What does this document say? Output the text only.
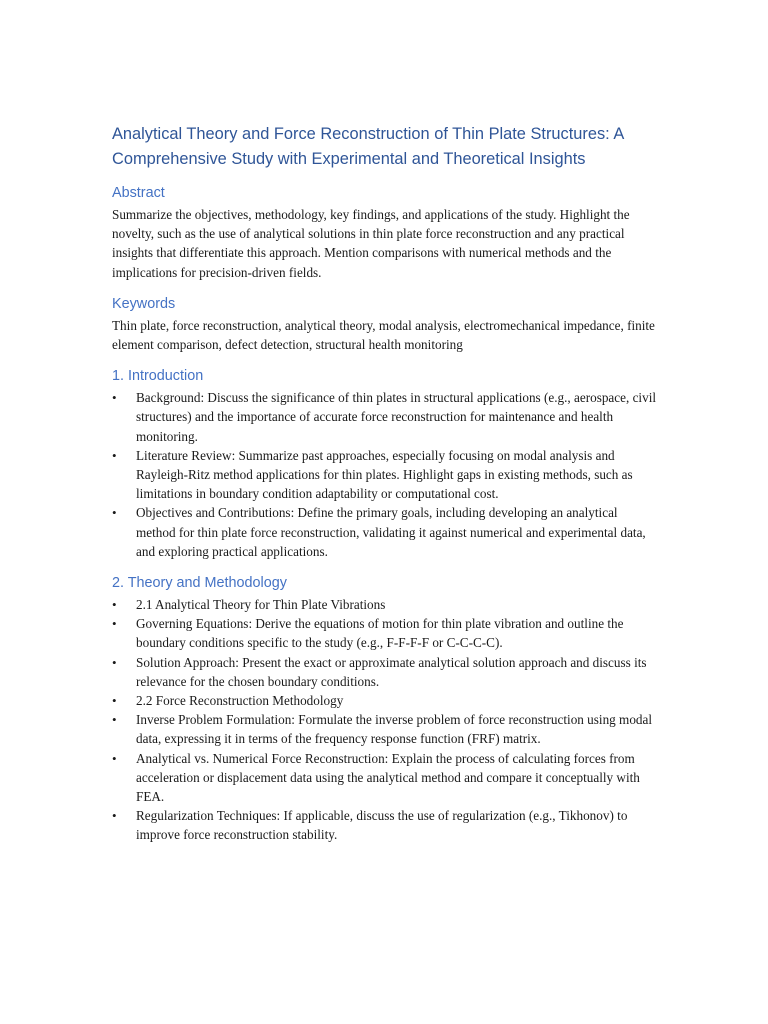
Analytical Theory and Force Reconstruction of Thin Plate Structures: A Comprehensive Study with Experimental and Theoretical Insights
Abstract

Summarize the objectives, methodology, key findings, and applications of the study. Highlight the novelty, such as the use of analytical solutions in thin plate force reconstruction and any practical insights that differentiate this approach. Mention comparisons with numerical methods and the implications for precision-driven fields.

Keywords

Thin plate, force reconstruction, analytical theory, modal analysis, electromechanical impedance, finite element comparison, defect detection, structural health monitoring

1. Introduction
•	Background: Discuss the significance of thin plates in structural applications (e.g., aerospace, civil structures) and the importance of accurate force reconstruction for maintenance and health monitoring.
•	Literature Review: Summarize past approaches, especially focusing on modal analysis and Rayleigh-Ritz method applications for thin plates. Highlight gaps in existing methods, such as limitations in boundary condition adaptability or computational cost.
•	Objectives and Contributions: Define the primary goals, including developing an analytical method for thin plate force reconstruction, validating it against numerical and experimental data, and exploring practical applications.
2. Theory and Methodology
•	2.1 Analytical Theory for Thin Plate Vibrations
•	Governing Equations: Derive the equations of motion for thin plate vibration and outline the boundary conditions specific to the study (e.g., F-F-F-F or C-C-C-C).
•	Solution Approach: Present the exact or approximate analytical solution approach and discuss its relevance for the chosen boundary conditions.
•	2.2 Force Reconstruction Methodology
•	Inverse Problem Formulation: Formulate the inverse problem of force reconstruction using modal data, expressing it in terms of the frequency response function (FRF) matrix.
•	Analytical vs. Numerical Force Reconstruction: Explain the process of calculating forces from acceleration or displacement data using the analytical method and compare it conceptually with FEA.
•	Regularization Techniques: If applicable, discuss the use of regularization (e.g., Tikhonov) to improve force reconstruction stability.
